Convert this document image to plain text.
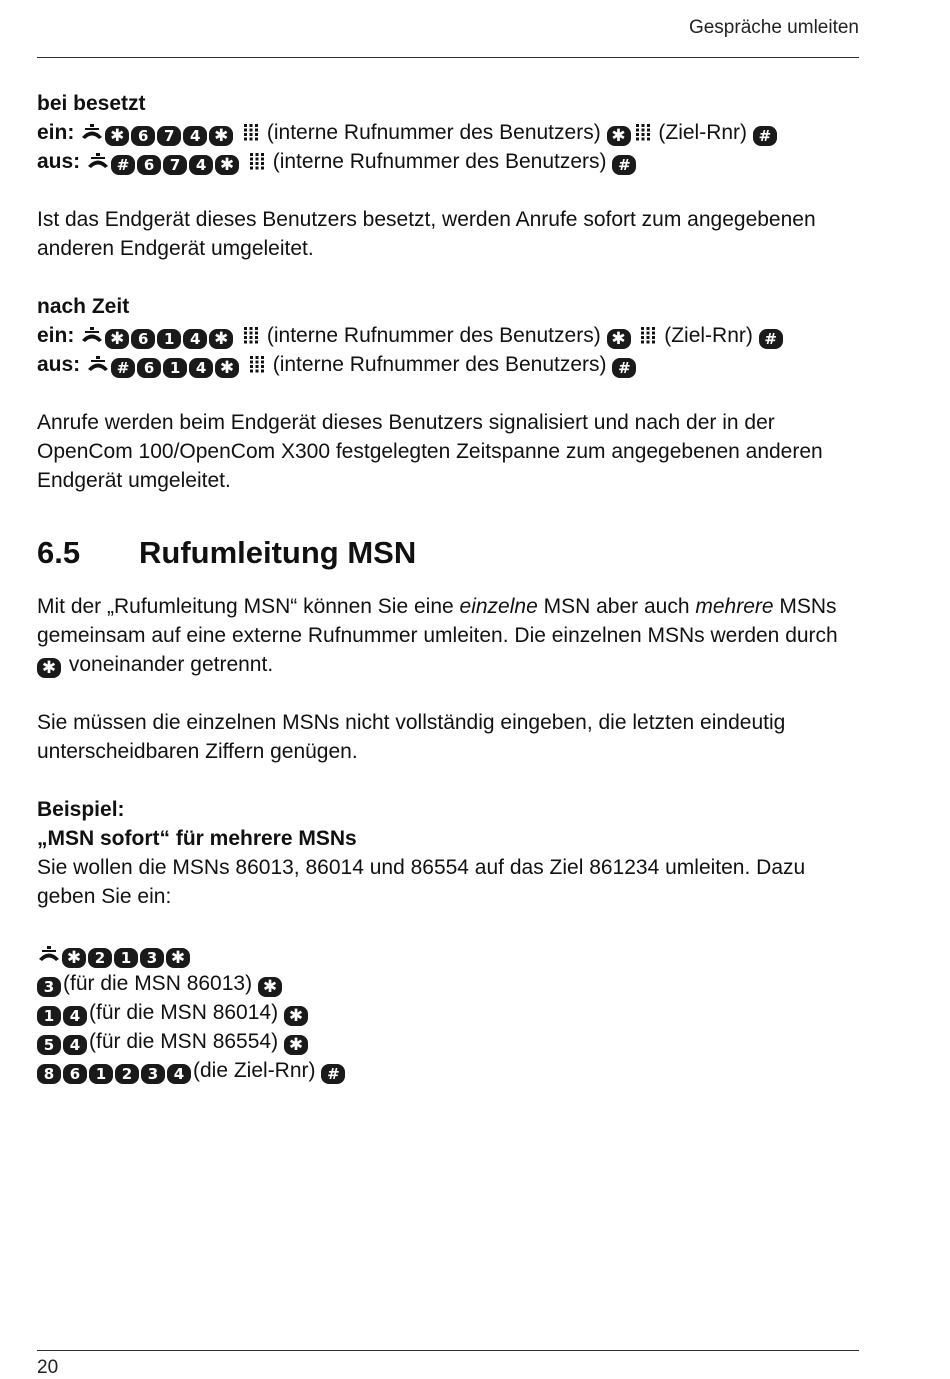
Gespräche umleiten
bei besetzt
ein: ✱ 6 7 4 ✱ (interne Rufnummer des Benutzers) ✱ (Ziel-Rnr) #
aus: # 6 7 4 ✱ (interne Rufnummer des Benutzers) #

Ist das Endgerät dieses Benutzers besetzt, werden Anrufe sofort zum angegebenen anderen Endgerät umgeleitet.

nach Zeit
ein: ✱ 6 1 4 ✱ (interne Rufnummer des Benutzers) ✱ (Ziel-Rnr) #
aus: # 6 1 4 ✱ (interne Rufnummer des Benutzers) #

Anrufe werden beim Endgerät dieses Benutzers signalisiert und nach der in der OpenCom 100/OpenCom X300 festgelegten Zeitspanne zum angegebenen anderen Endgerät umgeleitet.

6.5	Rufumleitung MSN

Mit der „Rufumleitung MSN“ können Sie eine einzelne MSN aber auch mehrere MSNs gemeinsam auf eine externe Rufnummer umleiten. Die einzelnen MSNs werden durch ✱ voneinander getrennt.

Sie müssen die einzelnen MSNs nicht vollständig eingeben, die letzten eindeutig unterscheidbaren Ziffern genügen.

Beispiel:
„MSN sofort“ für mehrere MSNs

Sie wollen die MSNs 86013, 86014 und 86554 auf das Ziel 861234 umleiten. Dazu geben Sie ein:

✱ 2 1 3 ✱
3 (für die MSN 86013) ✱
1 4 (für die MSN 86014) ✱
5 4 (für die MSN 86554) ✱
8 6 1 2 3 4 (die Ziel-Rnr) #
20
